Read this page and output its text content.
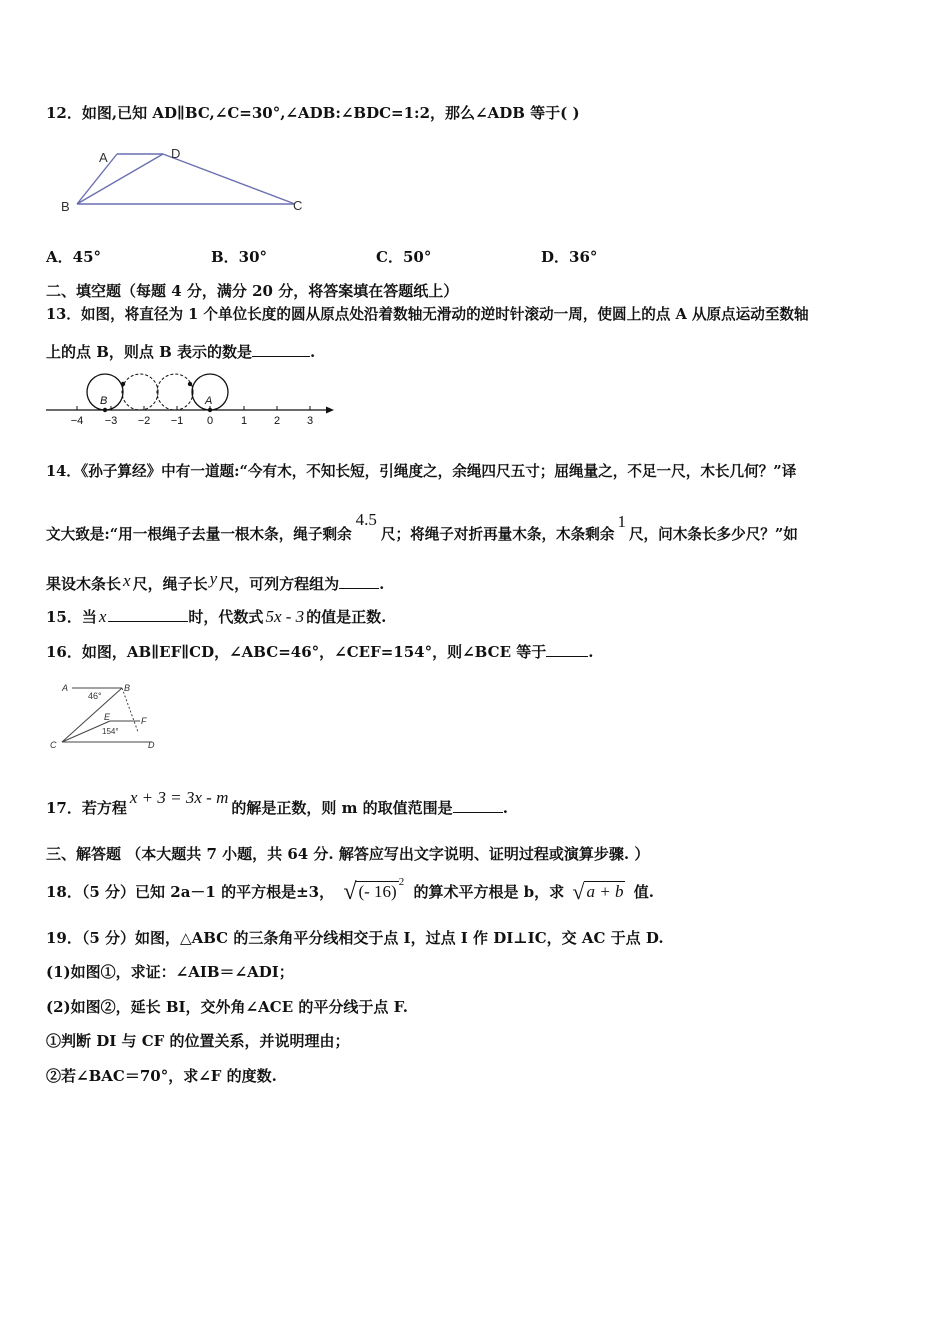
12．如图,已知 AD∥BC,∠C=30°,∠ADB:∠BDC=1:2，那么∠ADB 等于( )
A	D
B	C
A．45°	B．30°	C．50°	D．36°
二、填空题（每题 4 分，满分 20 分，将答案填在答题纸上）
13．如图，将直径为 1 个单位长度的圆从原点处沿着数轴无滑动的逆时针滚动一周，使圆上的点 A 从原点运动至数轴
上的点 B，则点 B 表示的数是	.
A
B
−4 −3 −2 −1 0	1 2 3
14．《孙子算经》中有一道题:“今有木，不知长短，引绳度之，余绳四尺五寸；屈绳量之，不足一尺，木长几何？”译
文大致是:“用一根绳子去量一根木条，绳子剩余4.5尺；将绳子对折再量木条，木条剩余1尺，问木条长多少尺？”如
果设木条长 x 尺，绳子长 y 尺，可列方程组为	.
15．当 x	时，代数式 5x - 3 的值是正数.
16．如图，AB∥EF∥CD，∠ABC=46°，∠CEF=154°，则∠BCE 等于	.
A	B
C	D
E	F
46°
154°
17．若方程x + 3 = 3x - m的解是正数，则 m 的取值范围是	.
三、解答题 （本大题共 7 小题，共 64 分. 解答应写出文字说明、证明过程或演算步骤. ）
18．（5 分）已知 2a－1 的平方根是±3， √ (- 16) $^2$ 的算术平方根是 b，求 √ a + b 值.
19．（5 分）如图，△ABC 的三条角平分线相交于点 I，过点 I 作 DI⊥IC，交 AC 于点 D.
(1)如图①，求证：∠AIB＝∠ADI；
(2)如图②，延长 BI，交外角∠ACE 的平分线于点 F.
①判断 DI 与 CF 的位置关系，并说明理由；
②若∠BAC＝70°，求∠F 的度数.
